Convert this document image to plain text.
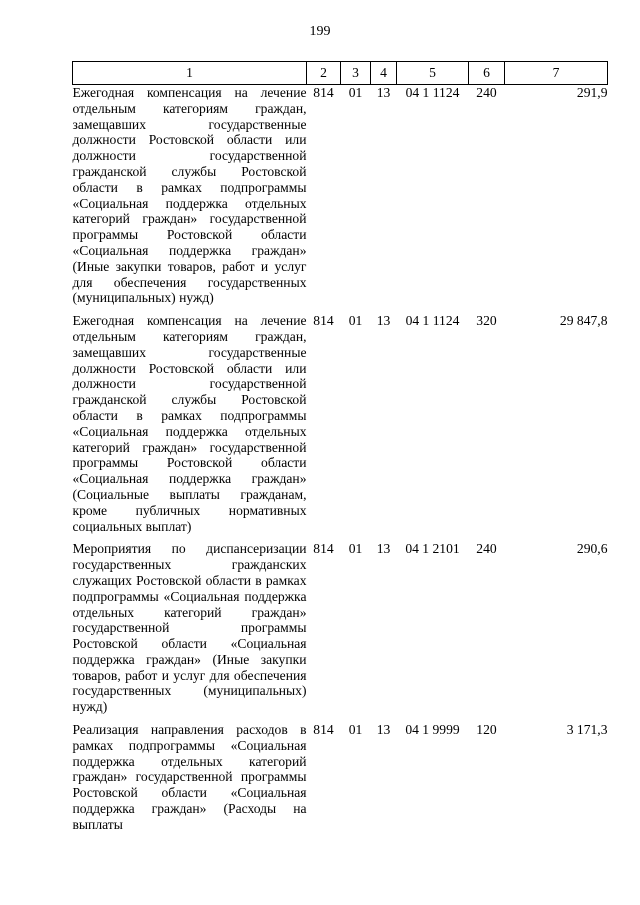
199
1	2	3	4	5	6	7
Ежегодная компенсация на лечение отдельным категориям граждан, замещавших государственные должности Ростовской области или должности государственной гражданской службы Ростовской области в рамках подпрограммы «Социальная поддержка отдельных категорий граждан» государственной программы Ростовской области «Социальная поддержка граждан» (Иные закупки товаров, работ и услуг для обеспечения государственных (муниципальных) нужд)	814	01	13	04 1 1124	240	291,9
Ежегодная компенсация на лечение отдельным категориям граждан, замещавших государственные должности Ростовской области или должности государственной гражданской службы Ростовской области в рамках подпрограммы «Социальная поддержка отдельных категорий граждан» государственной программы Ростовской области «Социальная поддержка граждан» (Социальные выплаты гражданам, кроме публичных нормативных социальных выплат)	814	01	13	04 1 1124	320	29 847,8
Мероприятия по диспансеризации государственных гражданских служащих Ростовской области в рамках подпрограммы «Социальная поддержка отдельных категорий граждан» государственной программы Ростовской области «Социальная поддержка граждан» (Иные закупки товаров, работ и услуг для обеспечения государственных (муниципальных) нужд)	814	01	13	04 1 2101	240	290,6
Реализация направления расходов в рамках подпрограммы «Социальная поддержка отдельных категорий граждан» государственной программы Ростовской области «Социальная поддержка граждан» (Расходы на выплаты	814	01	13	04 1 9999	120	3 171,3
